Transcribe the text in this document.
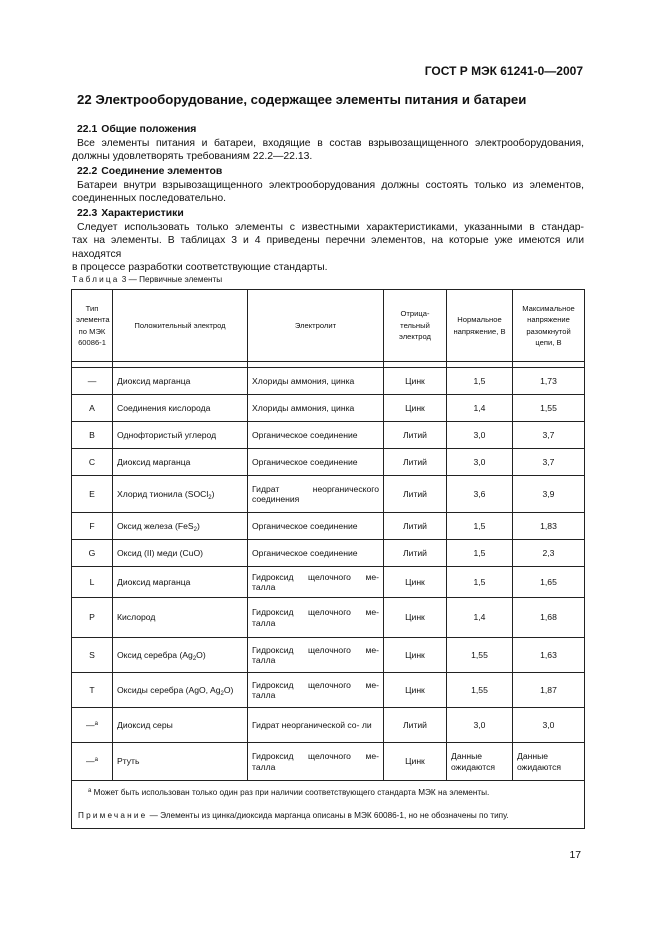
ГОСТ Р МЭК 61241-0—2007
22 Электрооборудование, содержащее элементы питания и батареи
22.1 Общие положения
Все элементы питания и батареи, входящие в состав взрывозащищенного электрооборудования,
должны удовлетворять требованиям 22.2—22.13.
22.2 Соединение элементов
Батареи внутри взрывозащищенного электрооборудования должны состоять только из элементов,
соединенных последовательно.
22.3 Характеристики
Следует использовать только элементы с известными характеристиками, указанными в стандар-
тах на элементы. В таблицах 3 и 4 приведены перечни элементов, на которые уже имеются или находятся
в процессе разработки соответствующие стандарты.
Таблица 3 — Первичные элементы
Тип элемента по МЭК 60086-1	Положительный электрод	Электролит	Отрица- тельный электрод	Нормальное напряжение, В	Максимальное напряжение разомкнутой цепи, В

—	Диоксид марганца	Хлориды аммония, цинка	Цинк	1,5	1,73
A	Соединения кислорода	Хлориды аммония, цинка	Цинк	1,4	1,55
B	Однофтористый углерод	Органическое соединение	Литий	3,0	3,7
C	Диоксид марганца	Органическое соединение	Литий	3,0	3,7
E	Хлорид тионила (SOCl$_2$)	Гидрат неорганического соединения	Литий	3,6	3,9
F	Оксид железа (FeS$_2$)	Органическое соединение	Литий	1,5	1,83
G	Оксид (II) меди (CuO)	Органическое соединение	Литий	1,5	2,3
L	Диоксид марганца	Гидроксид щелочного ме- талла	Цинк	1,5	1,65
P	Кислород	Гидроксид щелочного ме- талла	Цинк	1,4	1,68
S	Оксид серебра $(Ag_2O)$	Гидроксид щелочного ме- талла	Цинк	1,55	1,63
T	Оксиды серебра (AgO, $Ag_2O$)	Гидроксид щелочного ме- талла	Цинк	1,55	1,87
—$^a$	Диоксид серы	Гидрат неорганической со- ли	Литий	3,0	3,0
—$^a$	Ртуть	Гидроксид щелочного ме- талла	Цинк	Данные ожидаются	Данные ожидаются

$^a$ Может быть использован только один раз при наличии соответствующего стандарта МЭК на элементы.

Примечание — Элементы из цинка/диоксида марганца описаны в МЭК 60086-1, но не обозначены по типу.					

17
